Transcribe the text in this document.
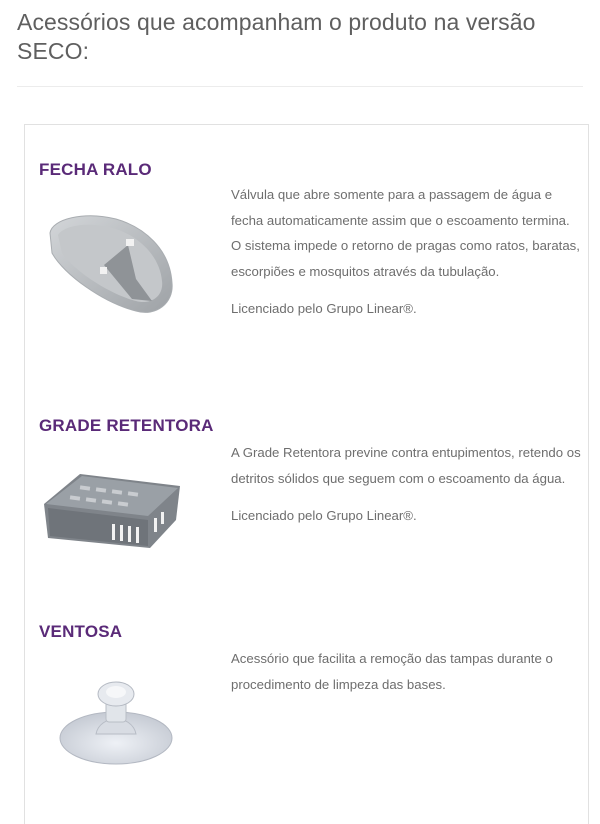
Acessórios que acompanham o produto na versão SECO:
FECHA RALO

Válvula que abre somente para a passagem de água e fecha automaticamente assim que o escoamento termina. O sistema impede o retorno de pragas como ratos, baratas, escorpiões e mosquitos através da tubulação.

Licenciado pelo Grupo Linear®.

GRADE RETENTORA

A Grade Retentora previne contra entupimentos, retendo os detritos sólidos que seguem com o escoamento da água.

Licenciado pelo Grupo Linear®.

VENTOSA

Acessório que facilita a remoção das tampas durante o procedimento de limpeza das bases.
